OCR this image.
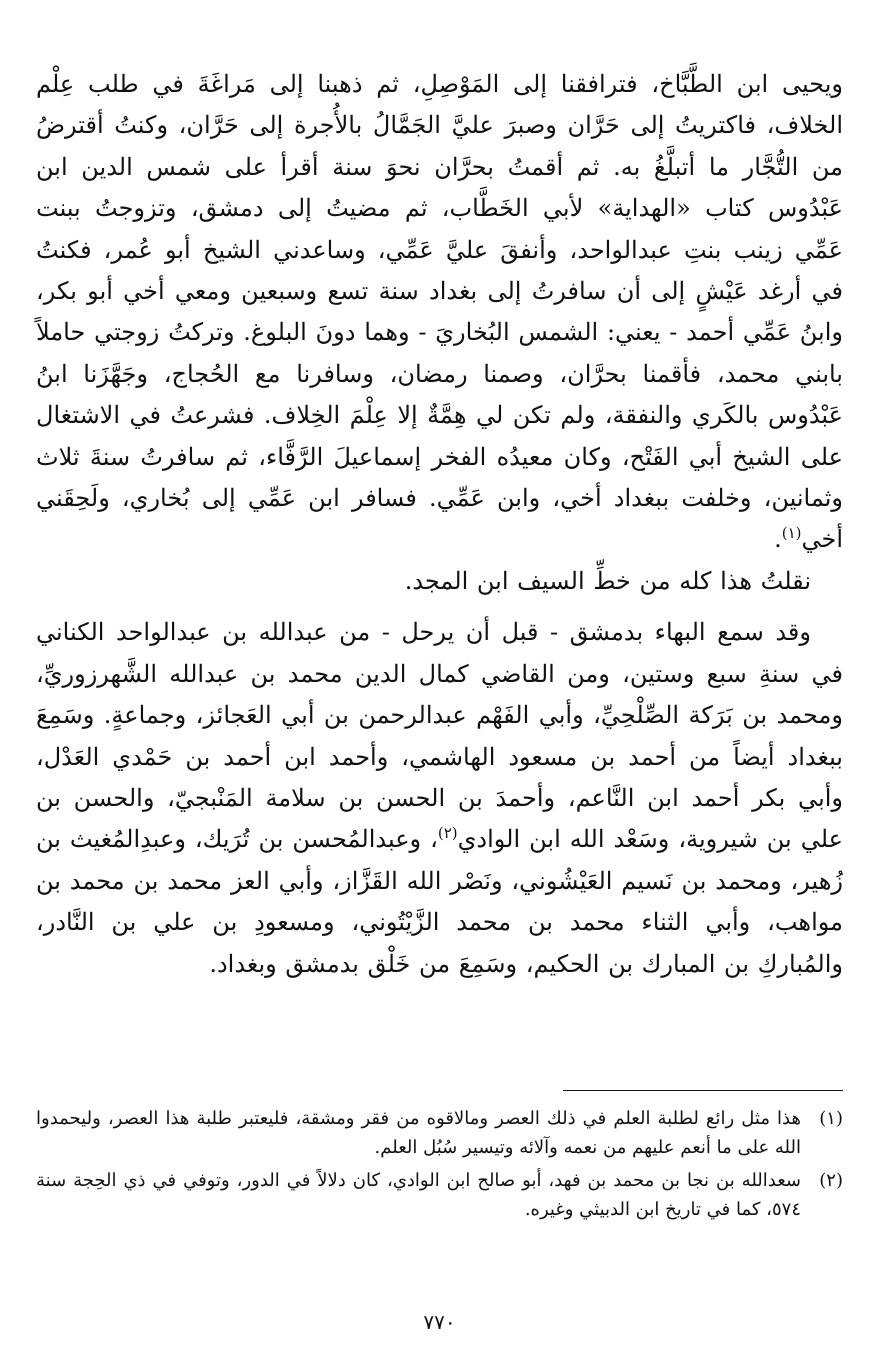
ويحيى ابن الطَّبَّاخ، فترافقنا إلى المَوْصِلِ، ثم ذهبنا إلى مَراغَةَ في طلب عِلْم الخلاف، فاكتريتُ إلى حَرَّان وصبرَ عليَّ الجَمَّالُ بالأُجرة إلى حَرَّان، وكنتُ أقترضُ من التُّجَّار ما أتبلَّغُ به. ثم أقمتُ بحرَّان نحوَ سنة أقرأ على شمس الدين ابن عَبْدُوس كتاب «الهداية» لأبي الخَطَّاب، ثم مضيتُ إلى دمشق، وتزوجتُ ببنت عَمِّي زينب بنتِ عبدالواحد، وأنفقَ عليَّ عَمِّي، وساعدني الشيخ أبو عُمر، فكنتُ في أرغد عَيْشٍ إلى أن سافرتُ إلى بغداد سنة تسع وسبعين ومعي أخي أبو بكر، وابنُ عَمِّي أحمد - يعني: الشمس البُخاريَ - وهما دونَ البلوغ. وتركتُ زوجتي حاملاً بابني محمد، فأقمنا بحرَّان، وصمنا رمضان، وسافرنا مع الحُجاج، وجَهَّزَنا ابنُ عَبْدُوس بالكَري والنفقة، ولم تكن لي هِمَّةٌ إلا عِلْمَ الخِلاف. فشرعتُ في الاشتغال على الشيخ أبي الفَتْح، وكان معيدُه الفخر إسماعيلَ الرَّفَّاء، ثم سافرتُ سنةَ ثلاث وثمانين، وخلفت ببغداد أخي، وابن عَمِّي. فسافر ابن عَمِّي إلى بُخاري، ولَحِقَني أخي$^{(١)}$.

نقلتُ هذا كله من خطِّ السيف ابن المجد.

وقد سمع البهاء بدمشق - قبل أن يرحل - من عبدالله بن عبدالواحد الكناني في سنةِ سبع وستين، ومن القاضي كمال الدين محمد بن عبدالله الشَّهرزوريِّ، ومحمد بن بَرَكة الصِّلْحِيِّ، وأبي الفَهْم عبدالرحمن بن أبي العَجائز، وجماعةٍ. وسَمِعَ ببغداد أيضاً من أحمد بن مسعود الهاشمي، وأحمد ابن أحمد بن حَمْدي العَدْل، وأبي بكر أحمد ابن النَّاعم، وأحمدَ بن الحسن بن سلامة المَنْبجيّ، والحسن بن علي بن شيروية، وسَعْد الله ابن الوادي$^{(٢)}$، وعبدالمُحسن بن تُرَيك، وعبدِالمُغيث بن زُهير، ومحمد بن نَسيم العَيْشُوني، ونَصْر الله القَزَّاز، وأبي العز محمد بن محمد بن مواهب، وأبي الثناء محمد بن محمد الزَّيْتُوني، ومسعودِ بن علي بن النَّادر، والمُباركِ بن المبارك بن الحكيم، وسَمِعَ من خَلْق بدمشق وبغداد.

(١)
هذا مثل رائع لطلبة العلم في ذلك العصر ومالاقوه من فقر ومشقة، فليعتبر طلبة هذا العصر، وليحمدوا الله على ما أنعم عليهم من نعمه وآلائه وتيسير سُبُل العلم.
(٢)
سعدالله بن نجا بن محمد بن فهد، أبو صالح ابن الوادي، كان دلالاً في الدور، وتوفي في ذي الحِجة سنة ٥٧٤، كما في تاريخ ابن الدبيثي وغيره.
٧٧٠
